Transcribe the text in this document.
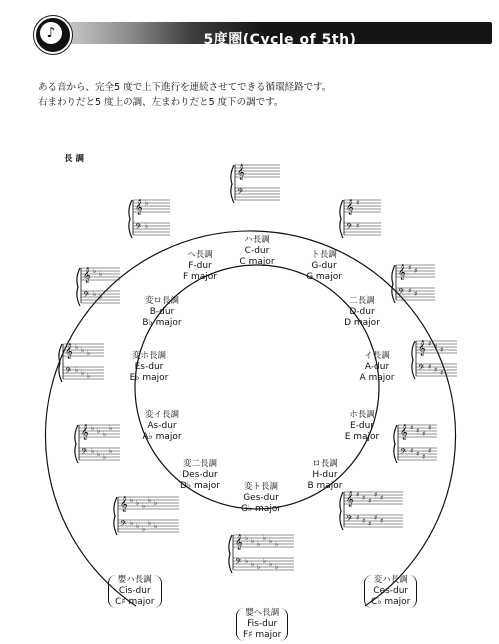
5度圏(Cycle of 5th)
♪
ある音から、完全5 度で上下進行を連続させてできる循環経路です。
右まわりだと5 度上の調、左まわりだと5 度下の調です。
長 調
𝄞
𝄢
𝄞 ♯
𝄢 ♯
𝄞 ♯ ♯
𝄢 ♯ ♯
𝄞 ♯ ♯ ♯
𝄢 ♯ ♯ ♯
𝄞 ♯ ♯ ♯
♯
𝄢 ♯ ♯ ♯
♯
𝄞 ♯ ♯ ♯
♯ ♯
𝄢 ♯ ♯ ♯
♯ ♯
𝄞 ♭ ♭ ♭
♭ ♭ ♭
𝄢 ♭ ♭ ♭
♭ ♭ ♭
𝄞 ♭ ♭ ♭
♭ ♭
𝄢 ♭ ♭ ♭
♭ ♭
𝄞 ♭ ♭ ♭
♭
𝄢 ♭ ♭ ♭
♭
𝄞 ♭ ♭ ♭
𝄢 ♭ ♭ ♭
𝄞 ♭ ♭
𝄢 ♭ ♭
𝄞 ♭
𝄢 ♭
ハ長調
C-dur
C major
ト長調
G-dur
G major
二長調
D-dur
D major
イ長調
A-dur
A major
ホ長調
E-dur
E major
ロ長調
H-dur
B major
変ト長調
Ges-dur
G♭ major
変二長調
Des-dur
D♭ major
変イ長調
As-dur
A♭ major
変ホ長調
Es-dur
E♭ major
変ロ長調
B-dur
B♭ major
ヘ長調
F-dur
F major
嬰ハ長調
Cis-dur
C♯ major
嬰ヘ長調
Fis-dur
F♯ major
変ハ長調
Ces-dur
C♭ major
